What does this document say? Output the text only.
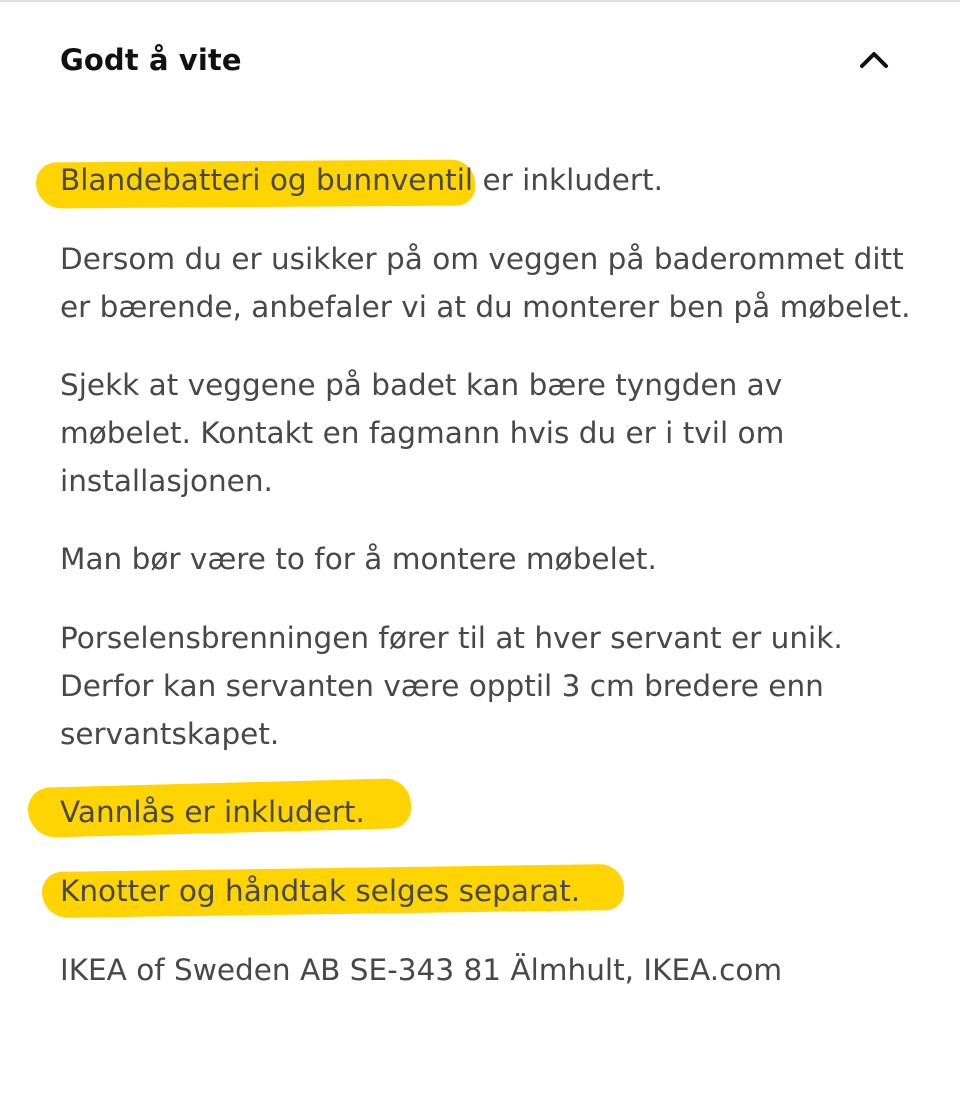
Godt å vite

Blandebatteri og bunnventil er inkludert.

Dersom du er usikker på om veggen på baderommet ditt er bærende, anbefaler vi at du monterer ben på møbelet.

Sjekk at veggene på badet kan bære tyngden av møbelet. Kontakt en fagmann hvis du er i tvil om installasjonen.

Man bør være to for å montere møbelet.

Porselensbrenningen fører til at hver servant er unik. Derfor kan servanten være opptil 3 cm bredere enn servantskapet.

Vannlås er inkludert.

Knotter og håndtak selges separat.

IKEA of Sweden AB SE-343 81 Älmhult, IKEA.com
